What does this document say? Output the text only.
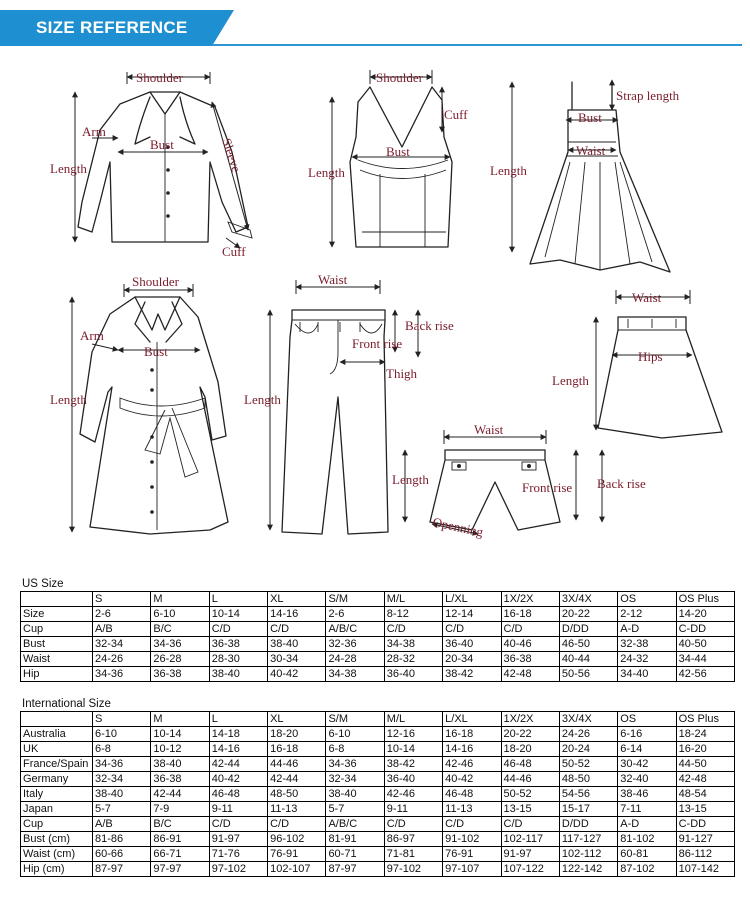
SIZE REFERENCE
Shoulder
Arm
Bust
Length	Sleeve
Cuff
Shoulder
Cuff
Bust
Length
Strap length
Bust
Waist
Length
Shoulder
Arm
Bust
Length
Waist
Back rise
Front rise
Thigh
Length
Waist
Hips
Length
Waist
Length
Front rise Back rise
Openning
US Size
	S	M	L	XL	S/M	M/L	L/XL	1X/2X	3X/4X	OS	OS Plus
Size	2-6	6-10	10-14	14-16	2-6	8-12	12-14	16-18	20-22	2-12	14-20
Cup	A/B	B/C	C/D	C/D	A/B/C	C/D	C/D	C/D	D/DD	A-D	C-DD
Bust	32-34	34-36	36-38	38-40	32-36	34-38	36-40	40-46	46-50	32-38	40-50
Waist	24-26	26-28	28-30	30-34	24-28	28-32	20-34	36-38	40-44	24-32	34-44
Hip	34-36	36-38	38-40	40-42	34-38	36-40	38-42	42-48	50-56	34-40	42-56
International Size
	S	M	L	XL	S/M	M/L	L/XL	1X/2X	3X/4X	OS	OS Plus
Australia	6-10	10-14	14-18	18-20	6-10	12-16	16-18	20-22	24-26	6-16	18-24
UK	6-8	10-12	14-16	16-18	6-8	10-14	14-16	18-20	20-24	6-14	16-20
France/Spain	34-36	38-40	42-44	44-46	34-36	38-42	42-46	46-48	50-52	30-42	44-50
Germany	32-34	36-38	40-42	42-44	32-34	36-40	40-42	44-46	48-50	32-40	42-48
Italy	38-40	42-44	46-48	48-50	38-40	42-46	46-48	50-52	54-56	38-46	48-54
Japan	5-7	7-9	9-11	11-13	5-7	9-11	11-13	13-15	15-17	7-11	13-15
Cup	A/B	B/C	C/D	C/D	A/B/C	C/D	C/D	C/D	D/DD	A-D	C-DD
Bust (cm)	81-86	86-91	91-97	96-102	81-91	86-97	91-102	102-117	117-127	81-102	91-127
Waist (cm)	60-66	66-71	71-76	76-91	60-71	71-81	76-91	91-97	102-112	60-81	86-112
Hip (cm)	87-97	97-97	97-102	102-107	87-97	97-102	97-107	107-122	122-142	87-102	107-142
